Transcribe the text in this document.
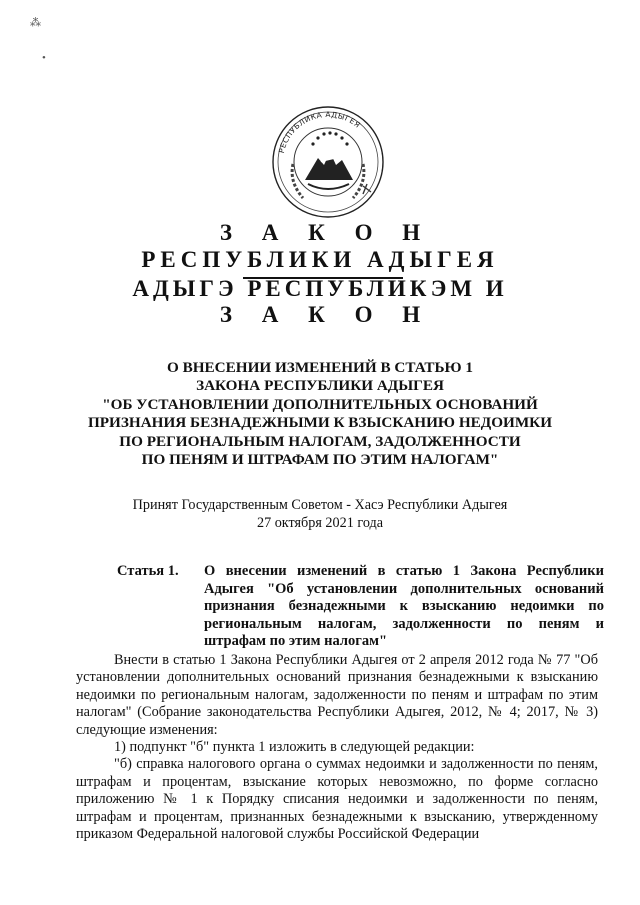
⁂
•
РЕСПУБЛИКА АДЫГЕЯ
З А К О Н
РЕСПУБЛИКИ АДЫГЕЯ
АДЫГЭ РЕСПУБЛИКЭМ И
З А К О Н
О ВНЕСЕНИИ ИЗМЕНЕНИЙ В СТАТЬЮ 1
ЗАКОНА РЕСПУБЛИКИ АДЫГЕЯ
"ОБ УСТАНОВЛЕНИИ ДОПОЛНИТЕЛЬНЫХ ОСНОВАНИЙ
ПРИЗНАНИЯ БЕЗНАДЕЖНЫМИ К ВЗЫСКАНИЮ НЕДОИМКИ
ПО РЕГИОНАЛЬНЫМ НАЛОГАМ, ЗАДОЛЖЕННОСТИ
ПО ПЕНЯМ И ШТРАФАМ ПО ЭТИМ НАЛОГАМ"
Принят Государственным Советом - Хасэ Республики Адыгея
27 октября 2021 года
Статья 1. О внесении изменений в статью 1 Закона Республики Адыгея "Об установлении дополнительных оснований признания безнадежными к взысканию недоимки по региональным налогам, задолженности по пеням и штрафам по этим налогам"

Внести в статью 1 Закона Республики Адыгея от 2 апреля 2012 года № 77 "Об установлении дополнительных оснований признания безнадежными к взысканию недоимки по региональным налогам, задолженности по пеням и штрафам по этим налогам" (Собрание законодательства Республики Адыгея, 2012, № 4; 2017, № 3) следующие изменения:

1) подпункт "б" пункта 1 изложить в следующей редакции:

"б) справка налогового органа о суммах недоимки и задолженности по пеням, штрафам и процентам, взыскание которых невозможно, по форме согласно приложению № 1 к Порядку списания недоимки и задолженности по пеням, штрафам и процентам, признанных безнадежными к взысканию, утвержденному приказом Федеральной налоговой службы Российской Федерации
